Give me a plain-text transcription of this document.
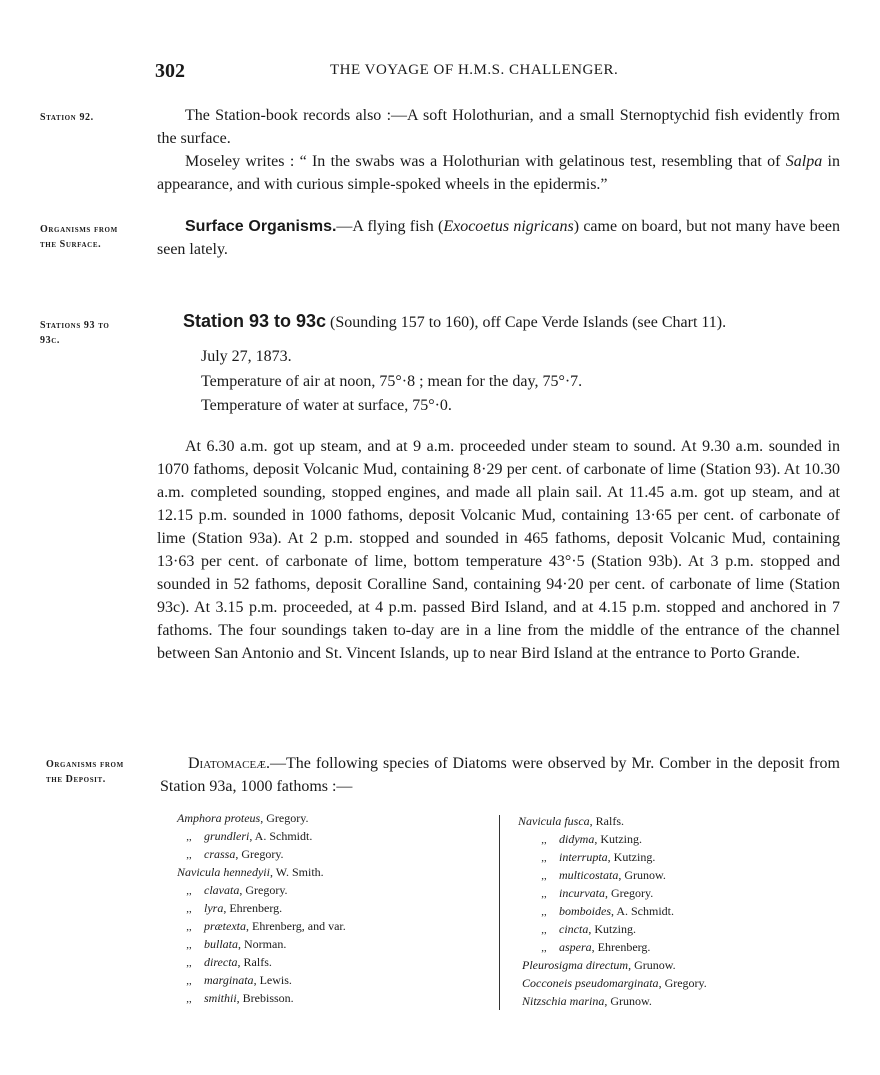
302	THE VOYAGE OF H.M.S. CHALLENGER.
Station 92.	The Station-book records also :—A soft Holothurian, and a small Sternoptychid fish evidently from the surface.
Moseley writes : “ In the swabs was a Holothurian with gelatinous test, resembling that of Salpa in appearance, and with curious simple-spoked wheels in the epidermis.”
Organisms from
the Surface.
Surface Organisms.—A flying fish (Exocoetus nigricans) came on board, but not many have been seen lately.
Stations 93 to
93c.
Station 93 to 93c (Sounding 157 to 160), off Cape Verde Islands (see Chart 11).
July 27, 1873.
Temperature of air at noon, 75°·8 ; mean for the day, 75°·7.
Temperature of water at surface, 75°·0.
At 6.30 a.m. got up steam, and at 9 a.m. proceeded under steam to sound. At 9.30 a.m. sounded in 1070 fathoms, deposit Volcanic Mud, containing 8·29 per cent. of carbonate of lime (Station 93). At 10.30 a.m. completed sounding, stopped engines, and made all plain sail. At 11.45 a.m. got up steam, and at 12.15 p.m. sounded in 1000 fathoms, deposit Volcanic Mud, containing 13·65 per cent. of carbonate of lime (Station 93a). At 2 p.m. stopped and sounded in 465 fathoms, deposit Volcanic Mud, containing 13·63 per cent. of carbonate of lime, bottom temperature 43°·5 (Station 93b). At 3 p.m. stopped and sounded in 52 fathoms, deposit Coralline Sand, containing 94·20 per cent. of carbonate of lime (Station 93c). At 3.15 p.m. proceeded, at 4 p.m. passed Bird Island, and at 4.15 p.m. stopped and anchored in 7 fathoms. The four soundings taken to-day are in a line from the middle of the entrance of the channel between San Antonio and St. Vincent Islands, up to near Bird Island at the entrance to Porto Grande.
Organisms from
the Deposit.
Diatomaceæ.—The following species of Diatoms were observed by Mr. Comber in the deposit from Station 93a, 1000 fathoms :—
Amphora proteus, Gregory.
,, grundleri, A. Schmidt.
,, crassa, Gregory.
Navicula hennedyii, W. Smith.
,, clavata, Gregory.
,, lyra, Ehrenberg.
,, prætexta, Ehrenberg, and var.
,, bullata, Norman.
,, directa, Ralfs.
,, marginata, Lewis.
,, smithii, Brebisson.
Navicula fusca, Ralfs.
,, didyma, Kutzing.
,, interrupta, Kutzing.
,, multicostata, Grunow.
,, incurvata, Gregory.
,, bomboides, A. Schmidt.
,, cincta, Kutzing.
,, aspera, Ehrenberg.
Pleurosigma directum, Grunow.
Cocconeis pseudomarginata, Gregory.
Nitzschia marina, Grunow.
